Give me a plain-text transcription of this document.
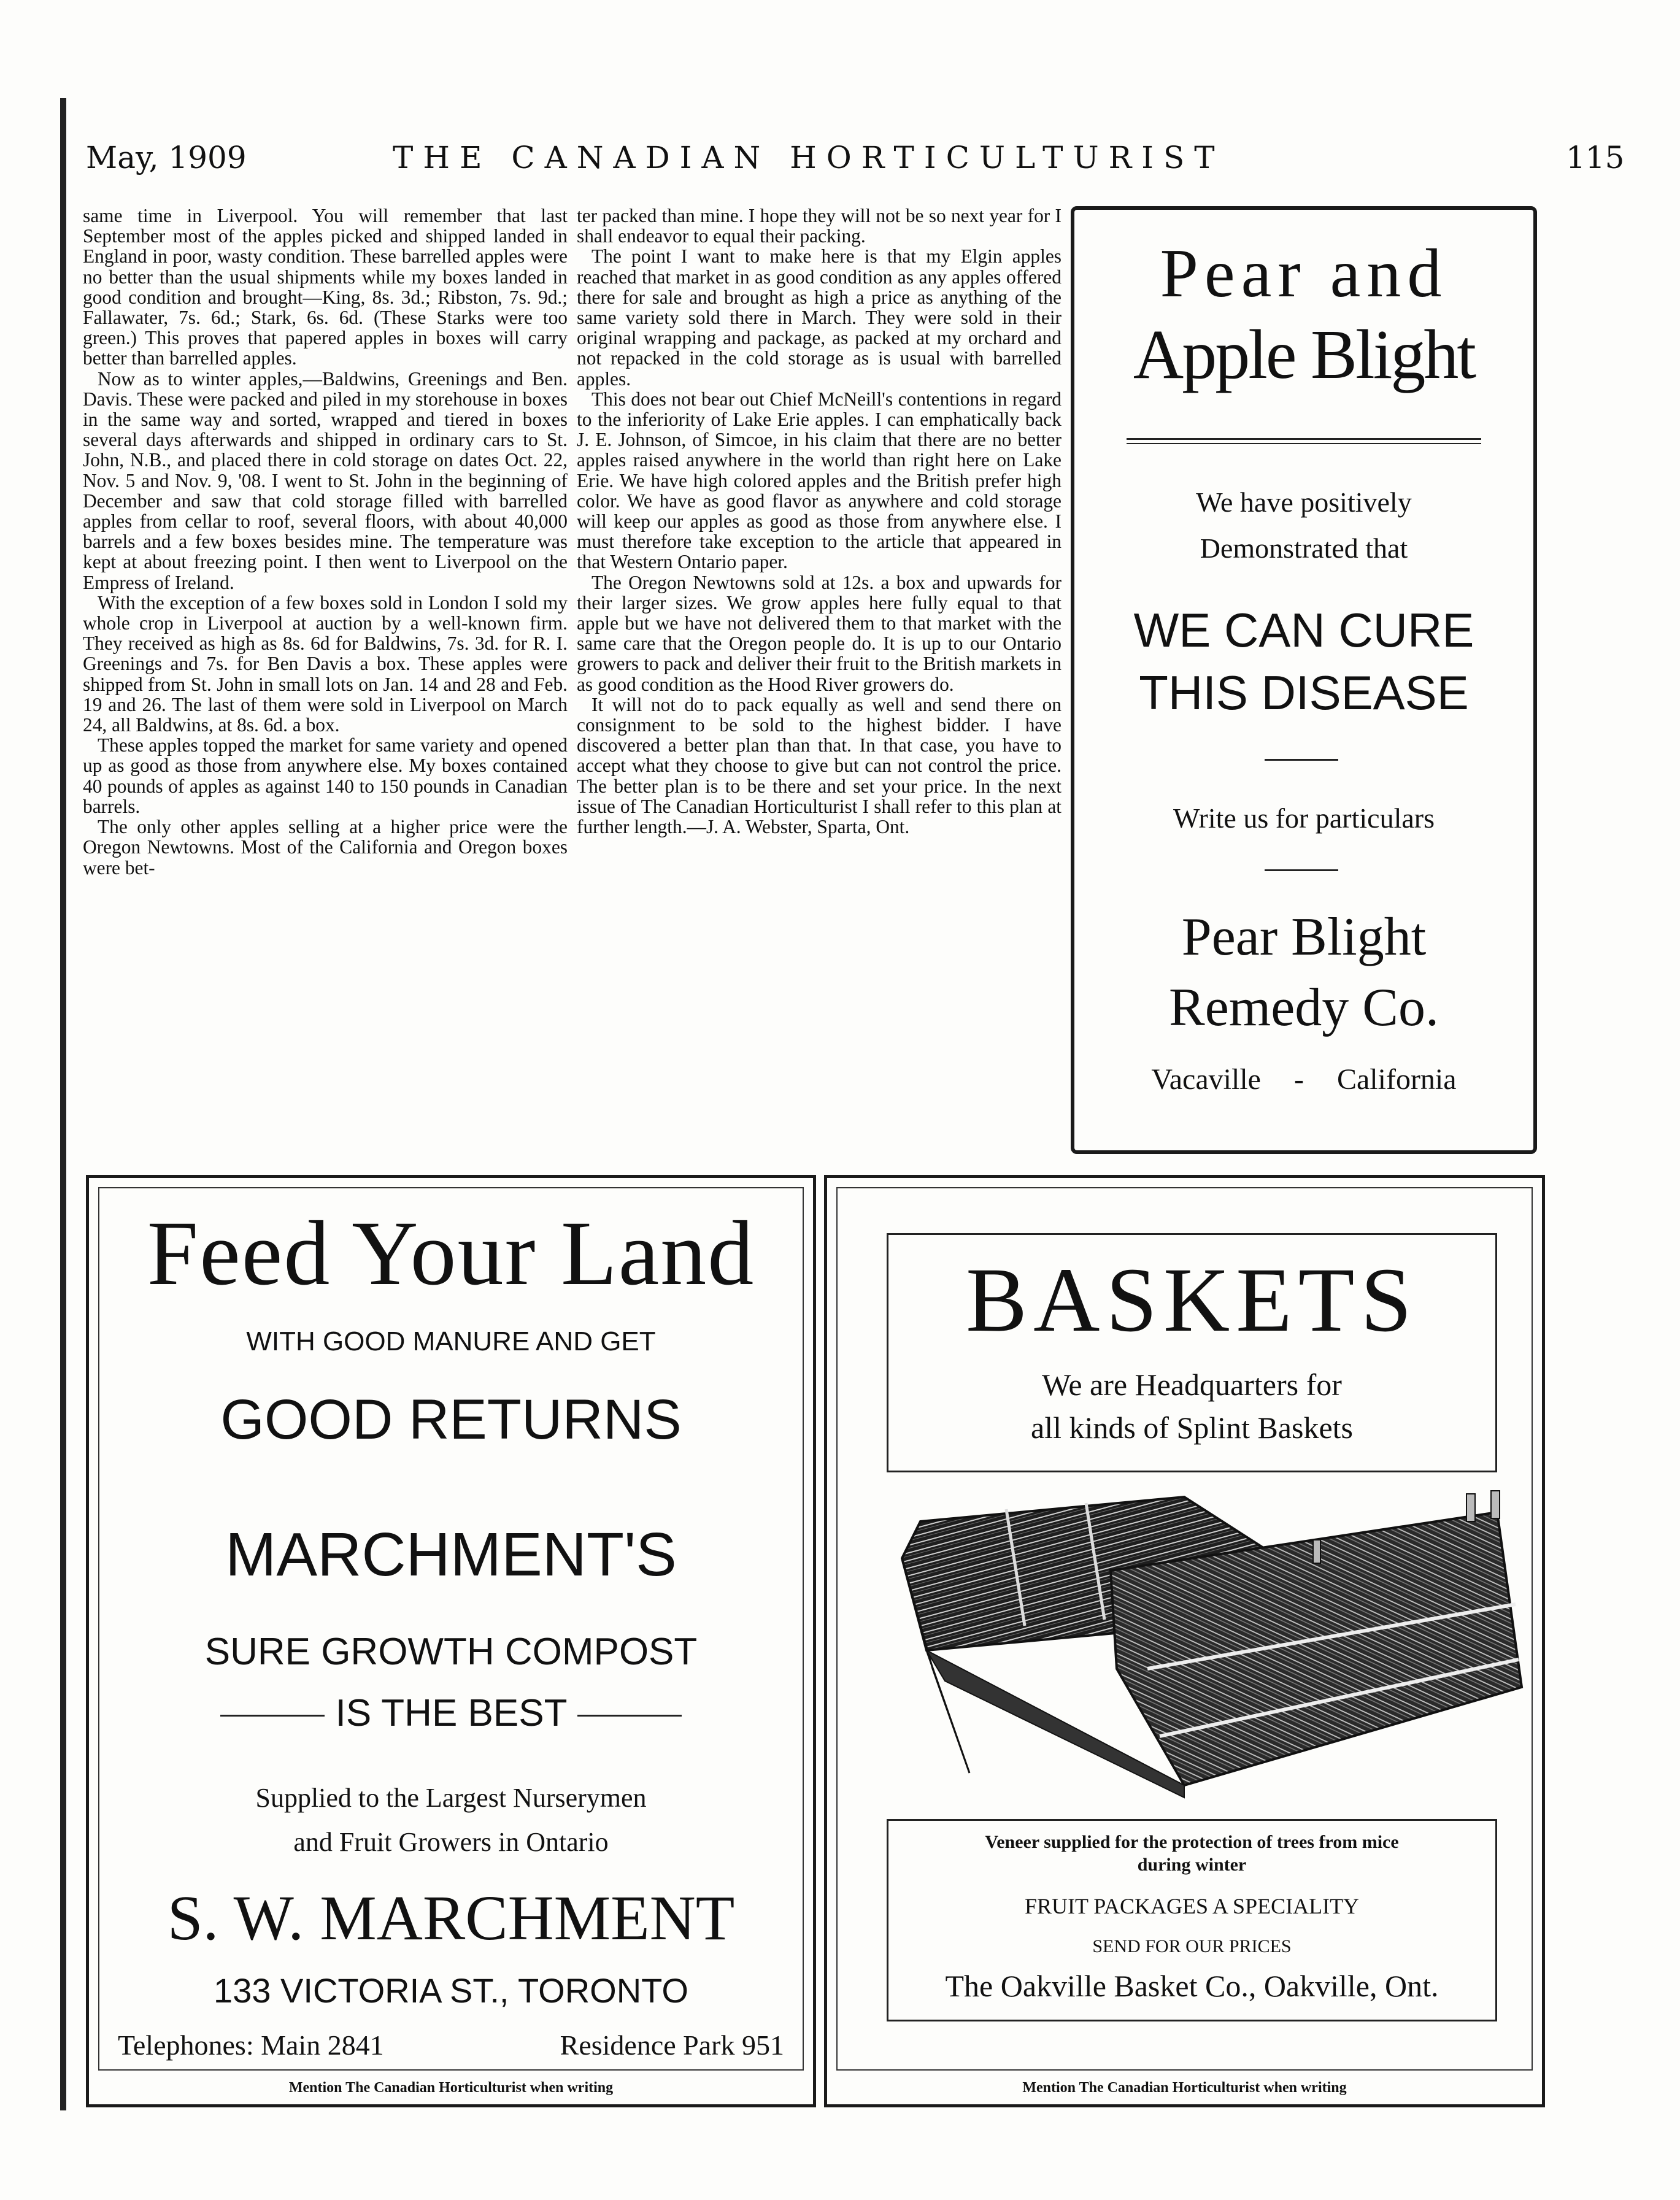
May, 1909	THE CANADIAN HORTICULTURIST	115

same time in Liverpool. You will remember that last September most of the apples picked and shipped landed in England in poor, wasty condition. These barrelled apples were no better than the usual shipments while my boxes landed in good condition and brought—King, 8s. 3d.; Ribston, 7s. 9d.; Fallawater, 7s. 6d.; Stark, 6s. 6d. (These Starks were too green.) This proves that papered apples in boxes will carry better than barrelled apples.

Now as to winter apples,—Baldwins, Greenings and Ben. Davis. These were packed and piled in my storehouse in boxes in the same way and sorted, wrapped and tiered in boxes several days afterwards and shipped in ordinary cars to St. John, N.B., and placed there in cold storage on dates Oct. 22, Nov. 5 and Nov. 9, '08. I went to St. John in the beginning of December and saw that cold storage filled with barrelled apples from cellar to roof, several floors, with about 40,000 barrels and a few boxes besides mine. The temperature was kept at about freezing point. I then went to Liverpool on the Empress of Ireland.

With the exception of a few boxes sold in London I sold my whole crop in Liverpool at auction by a well-known firm. They received as high as 8s. 6d for Baldwins, 7s. 3d. for R. I. Greenings and 7s. for Ben Davis a box. These apples were shipped from St. John in small lots on Jan. 14 and 28 and Feb. 19 and 26. The last of them were sold in Liverpool on March 24, all Baldwins, at 8s. 6d. a box.

These apples topped the market for same variety and opened up as good as those from anywhere else. My boxes contained 40 pounds of apples as against 140 to 150 pounds in Canadian barrels.

The only other apples selling at a higher price were the Oregon Newtowns. Most of the California and Oregon boxes were bet-

ter packed than mine. I hope they will not be so next year for I shall endeavor to equal their packing.

The point I want to make here is that my Elgin apples reached that market in as good condition as any apples offered there for sale and brought as high a price as anything of the same variety sold there in March. They were sold in their original wrapping and package, as packed at my orchard and not repacked in the cold storage as is usual with barrelled apples.

This does not bear out Chief McNeill's contentions in regard to the inferiority of Lake Erie apples. I can emphatically back J. E. Johnson, of Simcoe, in his claim that there are no better apples raised anywhere in the world than right here on Lake Erie. We have high colored apples and the British prefer high color. We have as good flavor as anywhere and cold storage will keep our apples as good as those from anywhere else. I must therefore take exception to the article that appeared in that Western Ontario paper.

The Oregon Newtowns sold at 12s. a box and upwards for their larger sizes. We grow apples here fully equal to that apple but we have not delivered them to that market with the same care that the Oregon people do. It is up to our Ontario growers to pack and deliver their fruit to the British markets in as good condition as the Hood River growers do.

It will not do to pack equally as well and send there on consignment to be sold to the highest bidder. I have discovered a better plan than that. In that case, you have to accept what they choose to give but can not control the price. The better plan is to be there and set your price. In the next issue of The Canadian Horticulturist I shall refer to this plan at further length.—J. A. Webster, Sparta, Ont.

Pear and
Apple Blight
We have positively
Demonstrated that
WE CAN CURE
THIS DISEASE
Write us for particulars
Pear Blight
Remedy Co.
Vacaville - California
Feed Your Land
WITH GOOD MANURE AND GET
GOOD RETURNS
MARCHMENT'S
SURE GROWTH COMPOST
IS THE BEST
Supplied to the Largest Nurserymen
and Fruit Growers in Ontario
S. W. MARCHMENT
133 VICTORIA ST., TORONTO
Telephones: Main 2841	Residence Park 951
Mention The Canadian Horticulturist when writing
BASKETS
We are Headquarters for
all kinds of Splint Baskets
Veneer supplied for the protection of trees from mice
during winter
FRUIT PACKAGES A SPECIALITY
SEND FOR OUR PRICES
The Oakville Basket Co., Oakville, Ont.
Mention The Canadian Horticulturist when writing
